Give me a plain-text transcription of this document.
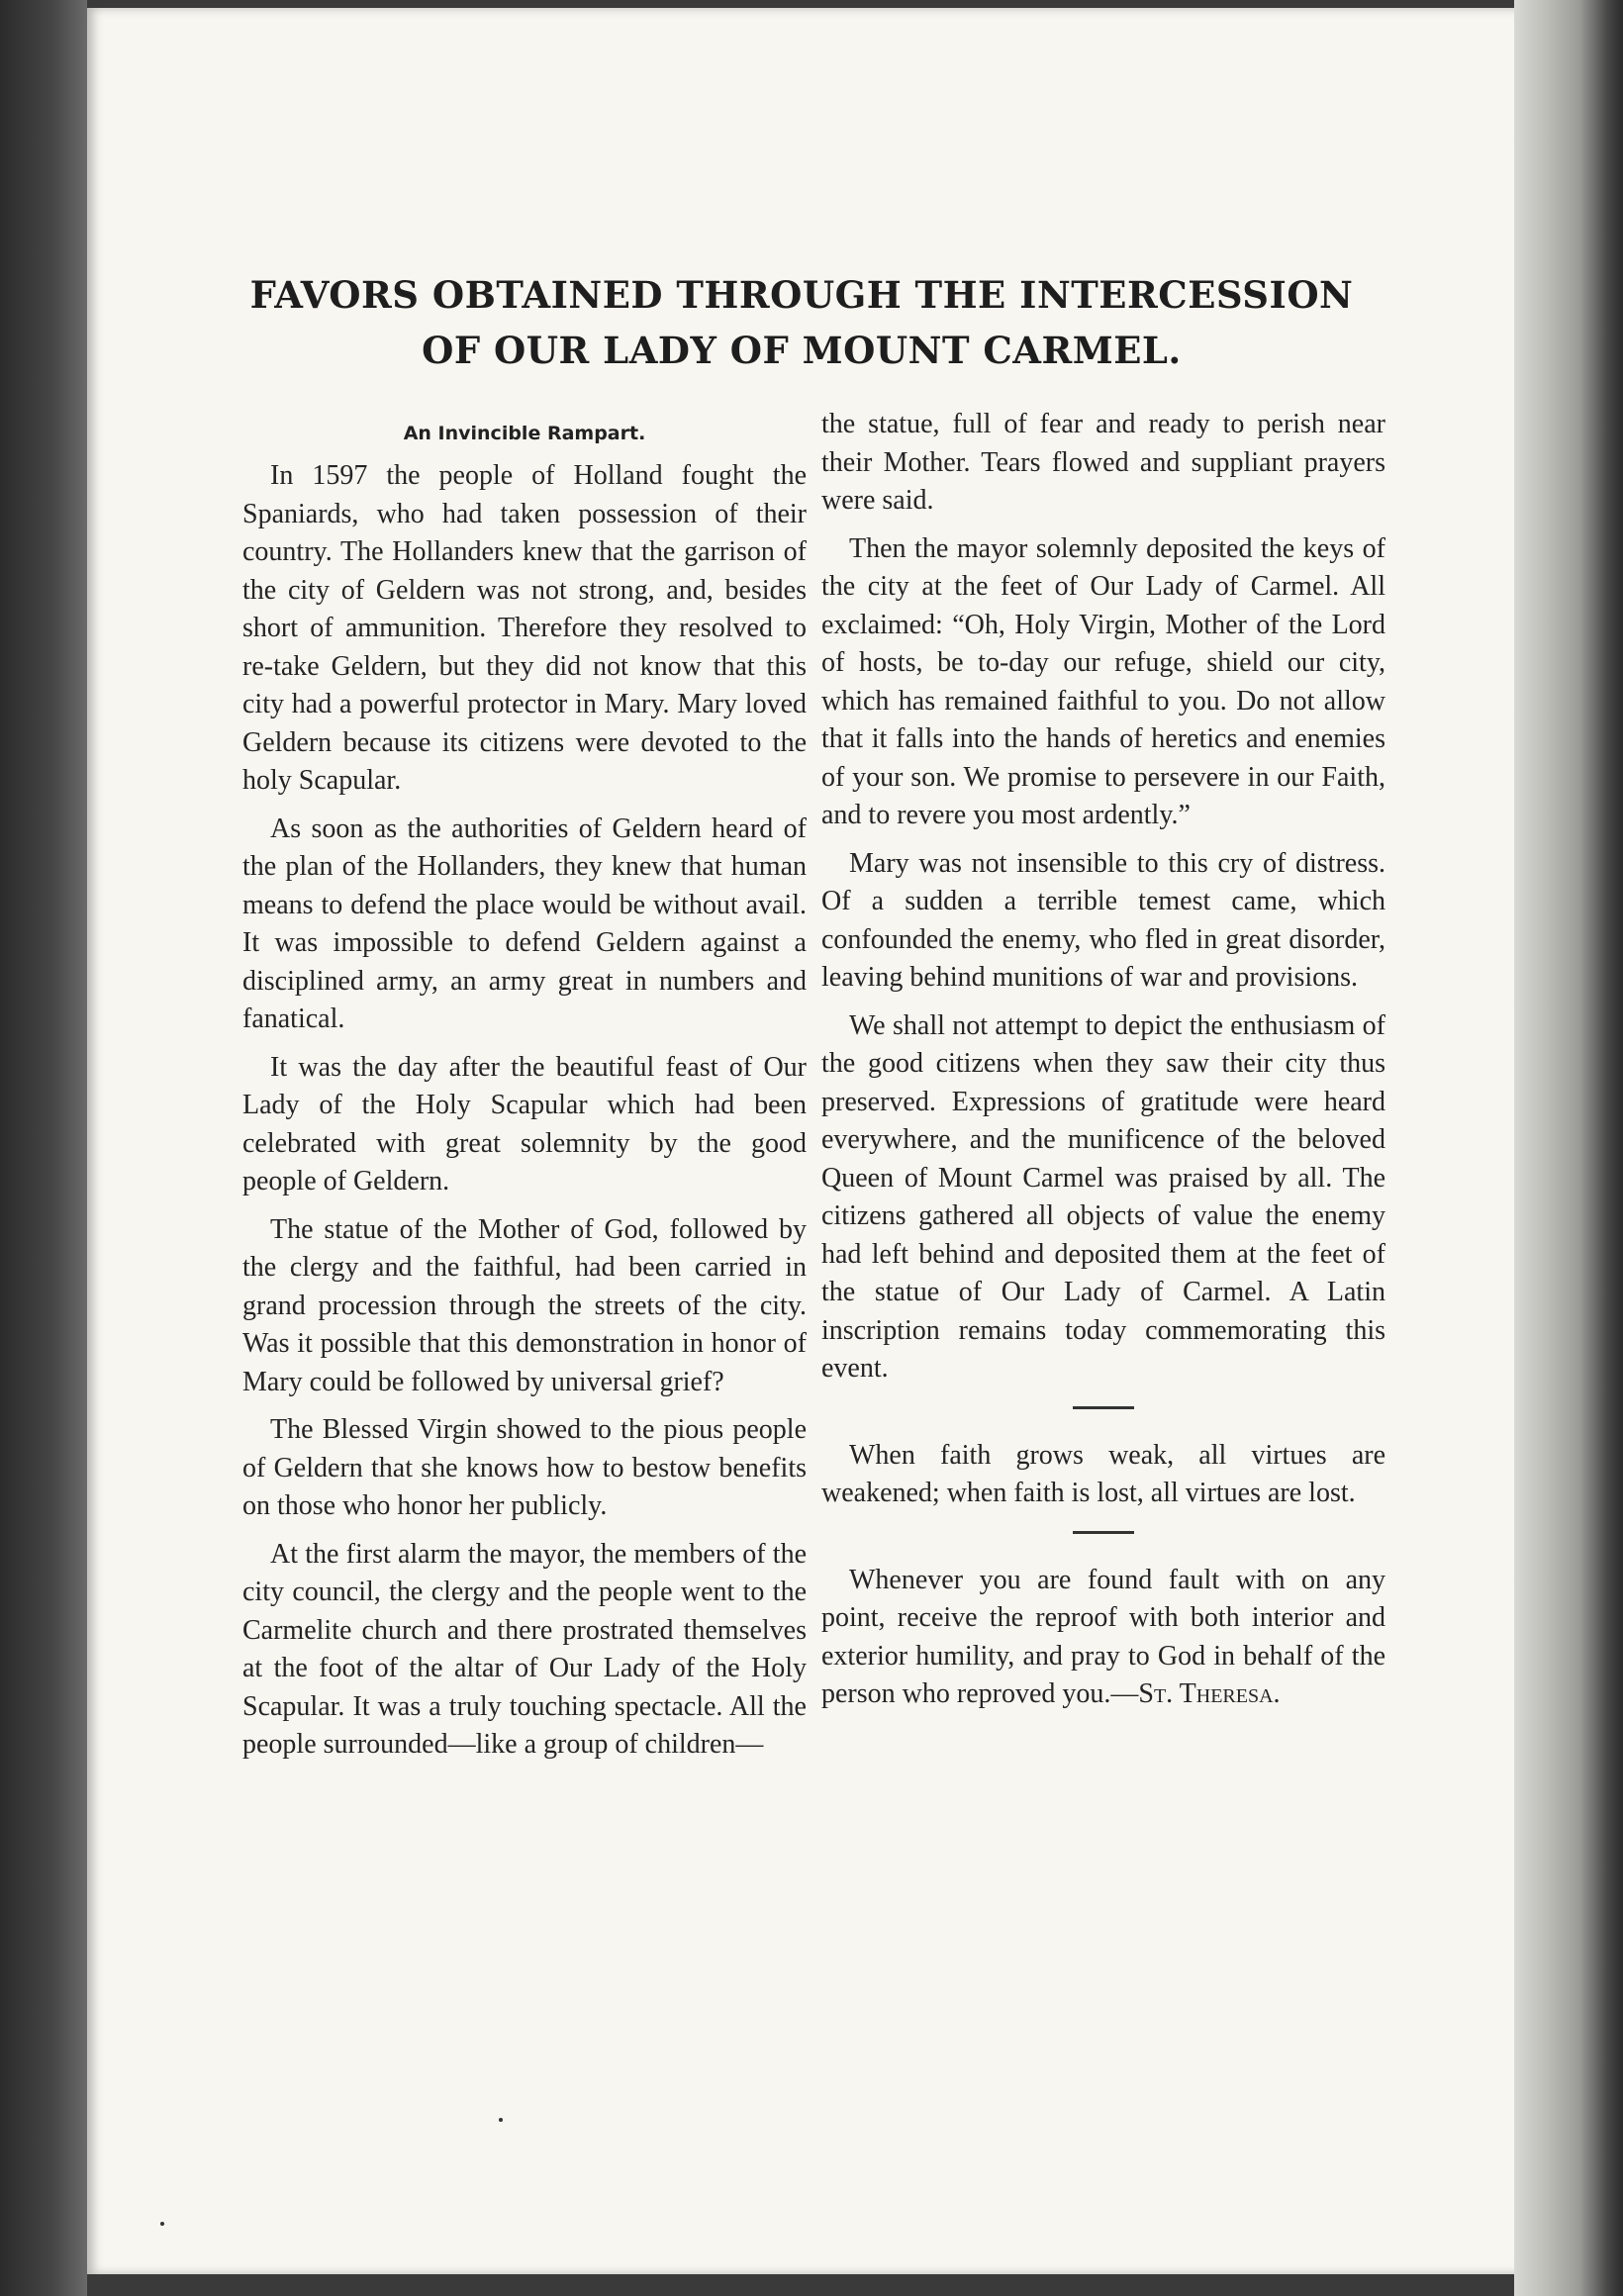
FAVORS OBTAINED THROUGH THE INTERCESSION OF OUR LADY OF MOUNT CARMEL.
An Invincible Rampart.

In 1597 the people of Holland fought the Spaniards, who had taken possession of their country. The Hollanders knew that the garrison of the city of Geldern was not strong, and, besides short of ammunition. Therefore they resolved to re-take Geldern, but they did not know that this city had a powerful protector in Mary. Mary loved Geldern because its citizens were devoted to the holy Scapular.

As soon as the authorities of Geldern heard of the plan of the Hollanders, they knew that human means to defend the place would be without avail. It was impossible to defend Geldern against a disciplined army, an army great in numbers and fanatical.

It was the day after the beautiful feast of Our Lady of the Holy Scapular which had been celebrated with great solemnity by the good people of Geldern.

The statue of the Mother of God, followed by the clergy and the faithful, had been carried in grand procession through the streets of the city. Was it possible that this demonstration in honor of Mary could be followed by universal grief?

The Blessed Virgin showed to the pious people of Geldern that she knows how to bestow benefits on those who honor her publicly.

At the first alarm the mayor, the members of the city council, the clergy and the people went to the Carmelite church and there prostrated themselves at the foot of the altar of Our Lady of the Holy Scapular. It was a truly touching spectacle. All the people surrounded—like a group of children—

the statue, full of fear and ready to perish near their Mother. Tears flowed and suppliant prayers were said.

Then the mayor solemnly deposited the keys of the city at the feet of Our Lady of Carmel. All exclaimed: “Oh, Holy Virgin, Mother of the Lord of hosts, be to-day our refuge, shield our city, which has remained faithful to you. Do not allow that it falls into the hands of heretics and enemies of your son. We promise to persevere in our Faith, and to revere you most ardently.”

Mary was not insensible to this cry of distress. Of a sudden a terrible temest came, which confounded the enemy, who fled in great disorder, leaving behind munitions of war and provisions.

We shall not attempt to depict the enthusiasm of the good citizens when they saw their city thus preserved. Expressions of gratitude were heard everywhere, and the munificence of the beloved Queen of Mount Carmel was praised by all. The citizens gathered all objects of value the enemy had left behind and deposited them at the feet of the statue of Our Lady of Carmel. A Latin inscription remains today commemorating this event.

When faith grows weak, all virtues are weakened; when faith is lost, all virtues are lost.

Whenever you are found fault with on any point, receive the reproof with both interior and exterior humility, and pray to God in behalf of the person who reproved you.—St. Theresa.
